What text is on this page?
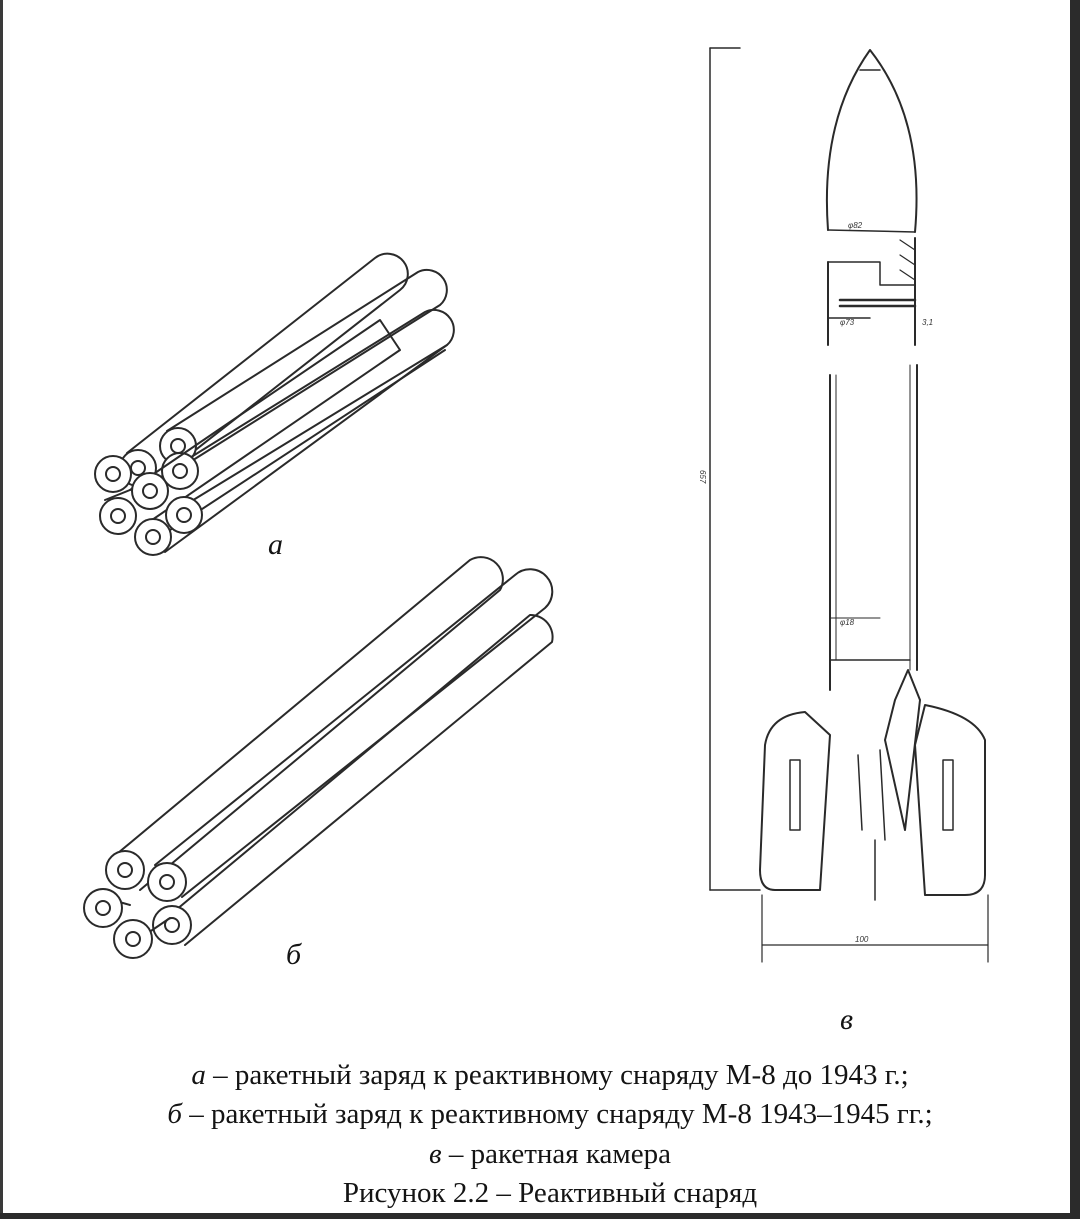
φ82
φ73	3,1
φ18
100
657
а
б
в
а – ракетный заряд к реактивному снаряду М-8 до 1943 г.;
б – ракетный заряд к реактивному снаряду М-8 1943–1945 гг.;
в – ракетная камера
Рисунок 2.2 – Реактивный снаряд
